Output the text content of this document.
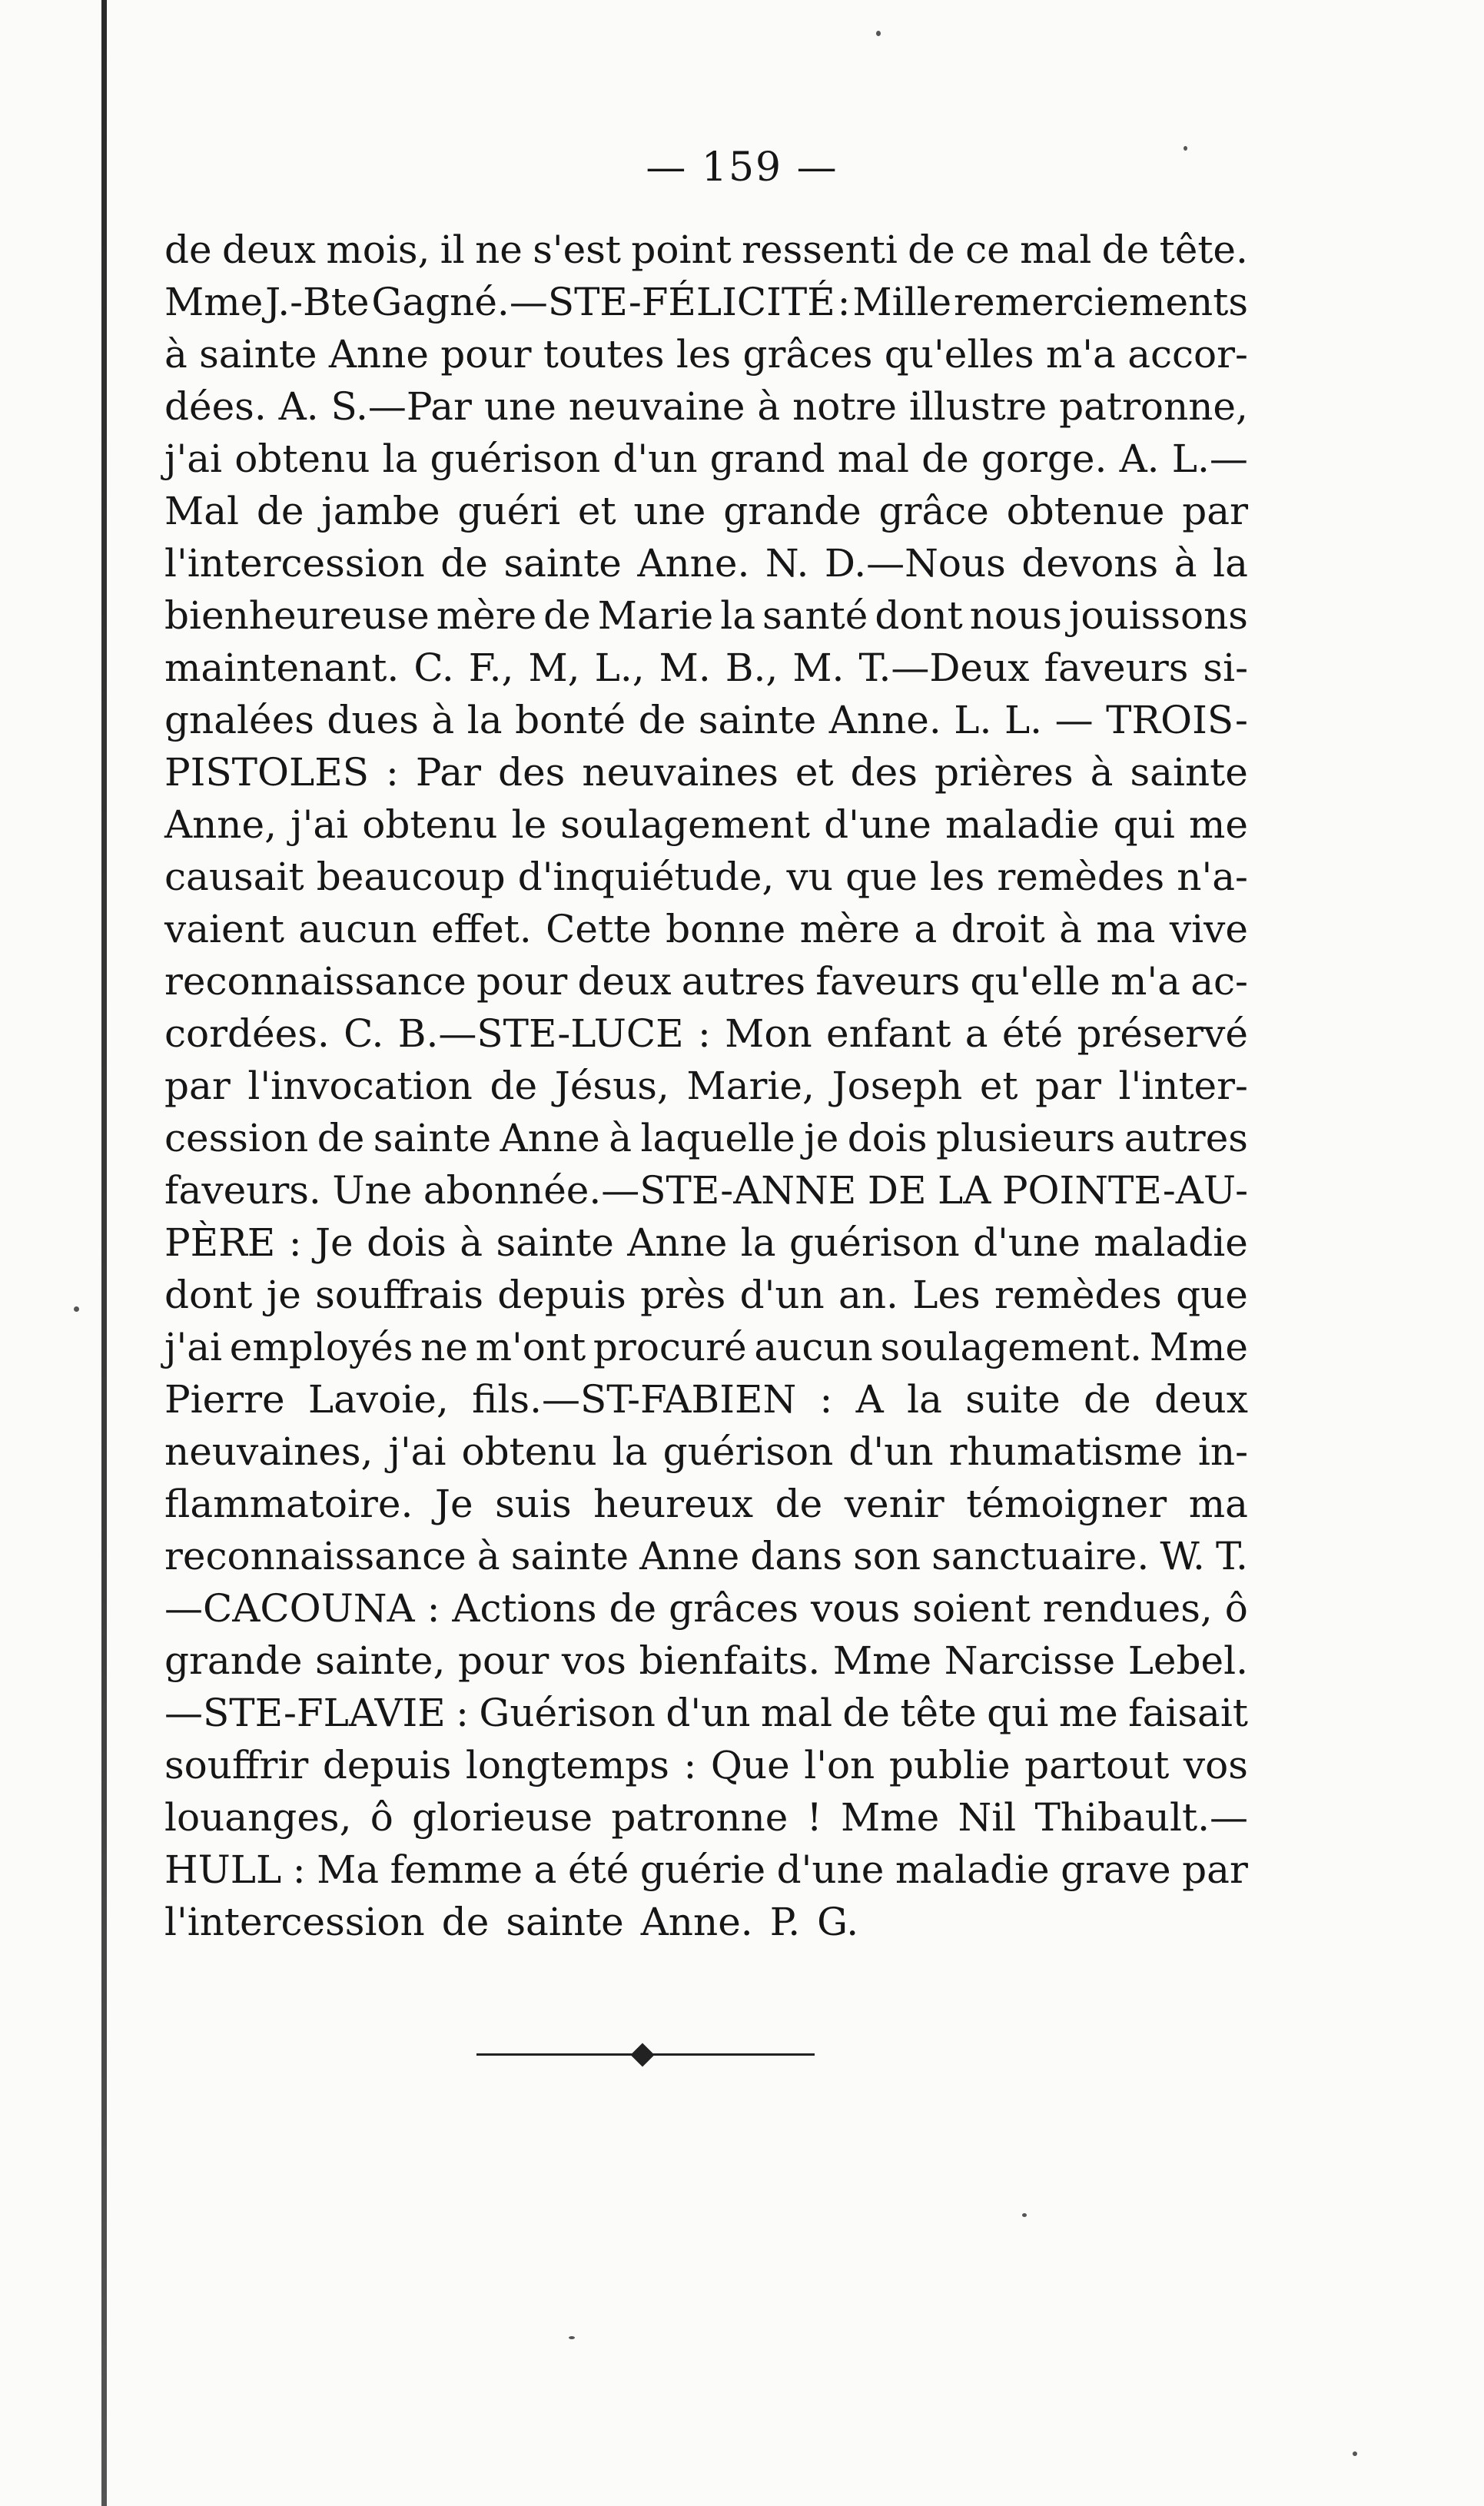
— 159 —
de deux mois, il ne s'est point ressenti de ce mal de tête.
Mme J.-Bte Gagné.—STE-FÉLICITÉ : Mille remerciements
à sainte Anne pour toutes les grâces qu'elles m'a accor-
dées. A. S.—Par une neuvaine à notre illustre patronne,
j'ai obtenu la guérison d'un grand mal de gorge. A. L.—
Mal de jambe guéri et une grande grâce obtenue par
l'intercession de sainte Anne. N. D.—Nous devons à la
bienheureuse mère de Marie la santé dont nous jouissons
maintenant. C. F., M, L., M. B., M. T.—Deux faveurs si-
gnalées dues à la bonté de sainte Anne. L. L. — TROIS-
PISTOLES : Par des neuvaines et des prières à sainte
Anne, j'ai obtenu le soulagement d'une maladie qui me
causait beaucoup d'inquiétude, vu que les remèdes n'a-
vaient aucun effet. Cette bonne mère a droit à ma vive
reconnaissance pour deux autres faveurs qu'elle m'a ac-
cordées. C. B.—STE-LUCE : Mon enfant a été préservé
par l'invocation de Jésus, Marie, Joseph et par l'inter-
cession de sainte Anne à laquelle je dois plusieurs autres
faveurs. Une abonnée.—STE-ANNE DE LA POINTE-AU-
PÈRE : Je dois à sainte Anne la guérison d'une maladie
dont je souffrais depuis près d'un an. Les remèdes que
j'ai employés ne m'ont procuré aucun soulagement. Mme
Pierre Lavoie, fils.—ST-FABIEN : A la suite de deux
neuvaines, j'ai obtenu la guérison d'un rhumatisme in-
flammatoire. Je suis heureux de venir témoigner ma
reconnaissance à sainte Anne dans son sanctuaire. W. T.
—CACOUNA : Actions de grâces vous soient rendues, ô
grande sainte, pour vos bienfaits. Mme Narcisse Lebel.
—STE-FLAVIE : Guérison d'un mal de tête qui me faisait
souffrir depuis longtemps : Que l'on publie partout vos
louanges, ô glorieuse patronne ! Mme Nil Thibault.—
HULL : Ma femme a été guérie d'une maladie grave par
l'intercession de sainte Anne. P. G.
